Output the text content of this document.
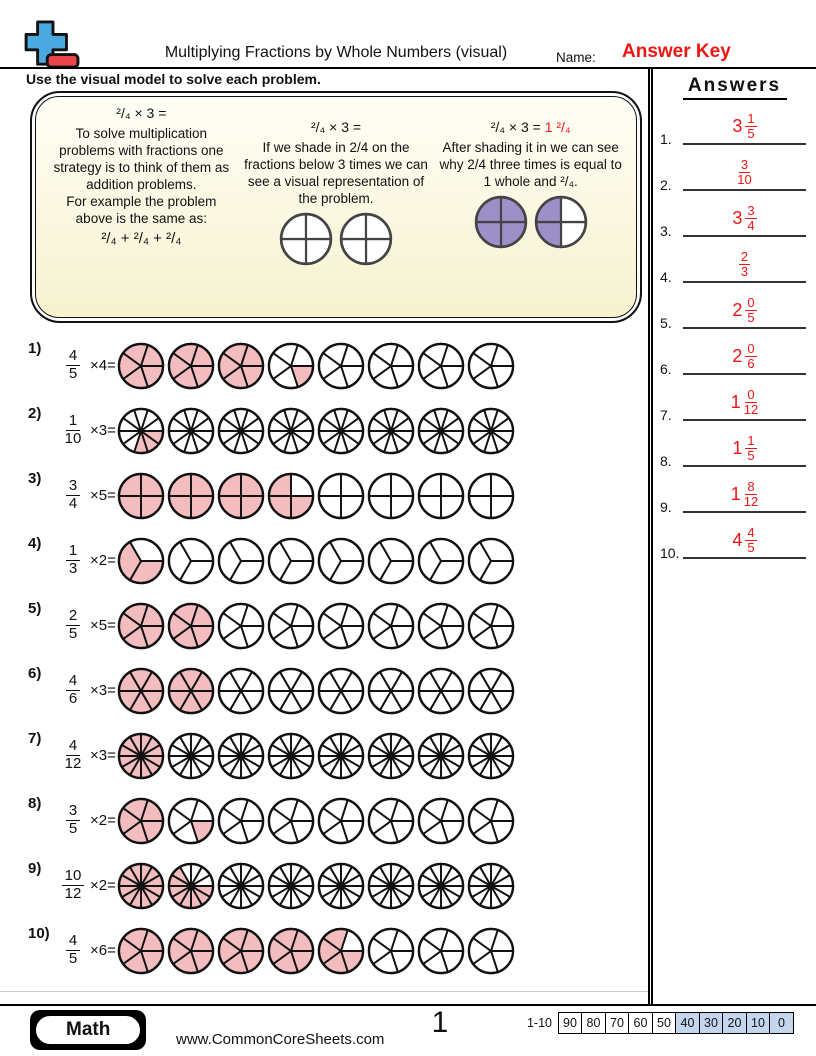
Multiplying Fractions by Whole Numbers (visual)	Name: Answer Key
Use the visual model to solve each problem.
²/₄ × 3 =

To solve multiplication problems with fractions one strategy is to think of them as addition problems.

For example the problem above is the same as:

²/₄ + ²/₄ + ²/₄
²/₄ × 3 =

If we shade in 2/4 on the fractions below 3 times we can see a visual representation of the problem.

²/₄ × 3 = 1 ²/₄

After shading it in we can see why 2/4 three times is equal to 1 whole and ²/₄.

$1) \frac{4}{5} \times 4=$
$2) \frac{1}{10} \times 3=$
$3) \frac{3}{4} \times 5=$
$4) \frac{1}{3} \times 2=$
$5) \frac{2}{5} \times 5=$
$6) \frac{4}{6} \times 3=$
$7) \frac{4}{12} \times 3=$
$8) \frac{3}{5} \times 2=$
$9) \frac{10}{12} \times 2=$
$10) \frac{4}{5} \times 6=$
Answers
1.
$3 \frac{1}{5}$
2.	$\frac{3}{10}$
3.
$3 \frac{3}{4}$
4.	$\frac{2}{3}$
5.
$2 \frac{0}{5}$
6.
$2 \frac{0}{6}$
7.
$1 \frac{0}{12}$
8.
$1 \frac{1}{5}$
9.
$1 \frac{8}{12}$
10.
$4 \frac{4}{5}$
Math	www.CommonCoreSheets.com
1	1-10 90 80 70 60 50 40 30 20 10 0
